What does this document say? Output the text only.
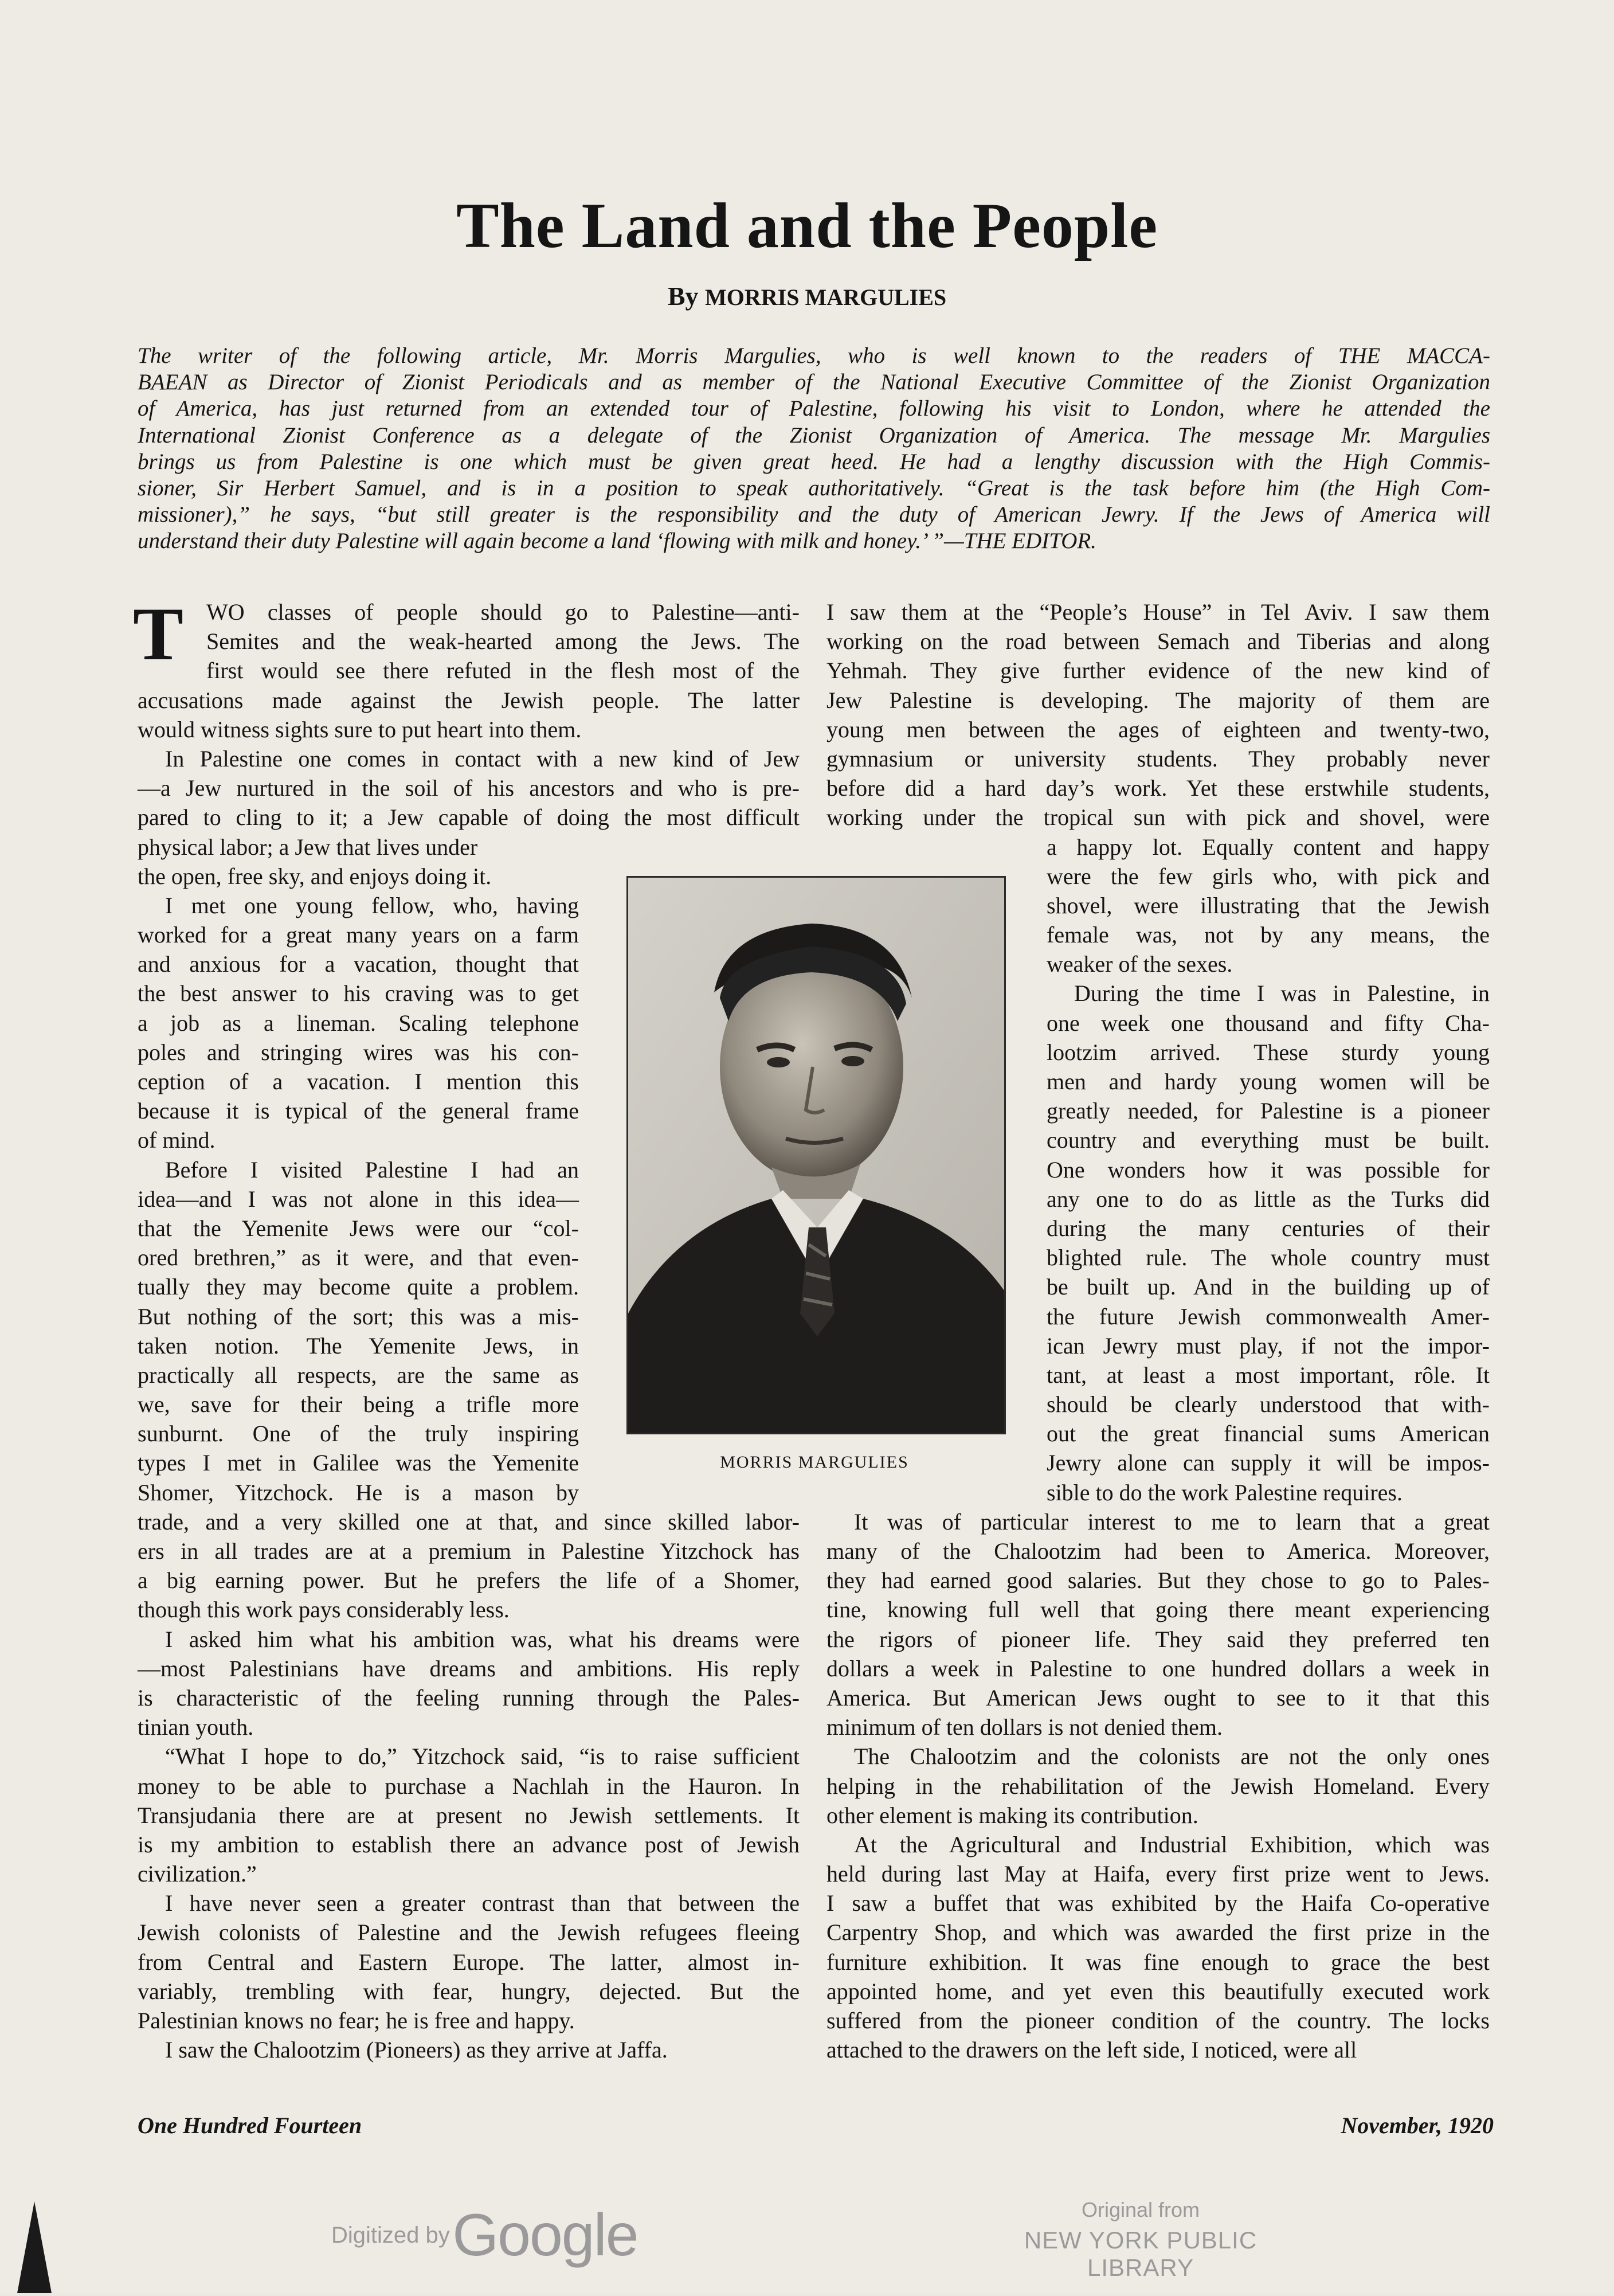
The Land and the People
By MORRIS MARGULIES
The writer of the following article, Mr. Morris Margulies, who is well known to the readers of THE MACCA-
BAEAN as Director of Zionist Periodicals and as member of the National Executive Committee of the Zionist Organization
of America, has just returned from an extended tour of Palestine, following his visit to London, where he attended the
International Zionist Conference as a delegate of the Zionist Organization of America. The message Mr. Margulies
brings us from Palestine is one which must be given great heed. He had a lengthy discussion with the High Commis-
sioner, Sir Herbert Samuel, and is in a position to speak authoritatively. “Great is the task before him (the High Com-
missioner),” he says, “but still greater is the responsibility and the duty of American Jewry. If the Jews of America will
understand their duty Palestine will again become a land ‘flowing with milk and honey.’ ”—THE EDITOR.
T WO classes of people should go to Palestine—anti-
Semites and the weak-hearted among the Jews. The
first would see there refuted in the flesh most of the
accusations made against the Jewish people. The latter
would witness sights sure to put heart into them.
In Palestine one comes in contact with a new kind of Jew
—a Jew nurtured in the soil of his ancestors and who is pre-
pared to cling to it; a Jew capable of doing the most difficult
physical labor; a Jew that lives under
the open, free sky, and enjoys doing it.
I met one young fellow, who, having
worked for a great many years on a farm
and anxious for a vacation, thought that
the best answer to his craving was to get
a job as a lineman. Scaling telephone
poles and stringing wires was his con-
ception of a vacation. I mention this
because it is typical of the general frame
of mind.
Before I visited Palestine I had an
idea—and I was not alone in this idea—
that the Yemenite Jews were our “col-
ored brethren,” as it were, and that even-
tually they may become quite a problem.
But nothing of the sort; this was a mis-
taken notion. The Yemenite Jews, in
practically all respects, are the same as
we, save for their being a trifle more
sunburnt. One of the truly inspiring
types I met in Galilee was the Yemenite
Shomer, Yitzchock. He is a mason by
trade, and a very skilled one at that, and since skilled labor-
ers in all trades are at a premium in Palestine Yitzchock has
a big earning power. But he prefers the life of a Shomer,
though this work pays considerably less.
I asked him what his ambition was, what his dreams were
—most Palestinians have dreams and ambitions. His reply
is characteristic of the feeling running through the Pales-
tinian youth.
“What I hope to do,” Yitzchock said, “is to raise sufficient
money to be able to purchase a Nachlah in the Hauron. In
Transjudania there are at present no Jewish settlements. It
is my ambition to establish there an advance post of Jewish
civilization.”
I have never seen a greater contrast than that between the
Jewish colonists of Palestine and the Jewish refugees fleeing
from Central and Eastern Europe. The latter, almost in-
variably, trembling with fear, hungry, dejected. But the
Palestinian knows no fear; he is free and happy.
I saw the Chalootzim (Pioneers) as they arrive at Jaffa.
I saw them at the “People’s House” in Tel Aviv. I saw them
working on the road between Semach and Tiberias and along
Yehmah. They give further evidence of the new kind of
Jew Palestine is developing. The majority of them are
young men between the ages of eighteen and twenty-two,
gymnasium or university students. They probably never
before did a hard day’s work. Yet these erstwhile students,
working under the tropical sun with pick and shovel, were
a happy lot. Equally content and happy
were the few girls who, with pick and
shovel, were illustrating that the Jewish
female was, not by any means, the
weaker of the sexes.
During the time I was in Palestine, in
one week one thousand and fifty Cha-
lootzim arrived. These sturdy young
men and hardy young women will be
greatly needed, for Palestine is a pioneer
country and everything must be built.
One wonders how it was possible for
any one to do as little as the Turks did
during the many centuries of their
blighted rule. The whole country must
be built up. And in the building up of
the future Jewish commonwealth Amer-
ican Jewry must play, if not the impor-
tant, at least a most important, rôle. It
should be clearly understood that with-
out the great financial sums American
Jewry alone can supply it will be impos-
sible to do the work Palestine requires.
It was of particular interest to me to learn that a great
many of the Chalootzim had been to America. Moreover,
they had earned good salaries. But they chose to go to Pales-
tine, knowing full well that going there meant experiencing
the rigors of pioneer life. They said they preferred ten
dollars a week in Palestine to one hundred dollars a week in
America. But American Jews ought to see to it that this
minimum of ten dollars is not denied them.
The Chalootzim and the colonists are not the only ones
helping in the rehabilitation of the Jewish Homeland. Every
other element is making its contribution.
At the Agricultural and Industrial Exhibition, which was
held during last May at Haifa, every first prize went to Jews.
I saw a buffet that was exhibited by the Haifa Co-operative
Carpentry Shop, and which was awarded the first prize in the
furniture exhibition. It was fine enough to grace the best
appointed home, and yet even this beautifully executed work
suffered from the pioneer condition of the country. The locks
attached to the drawers on the left side, I noticed, were all
MORRIS MARGULIES
One Hundred Fourteen	November, 1920
Digitized by Google	Original from
NEW YORK PUBLIC LIBRARY
